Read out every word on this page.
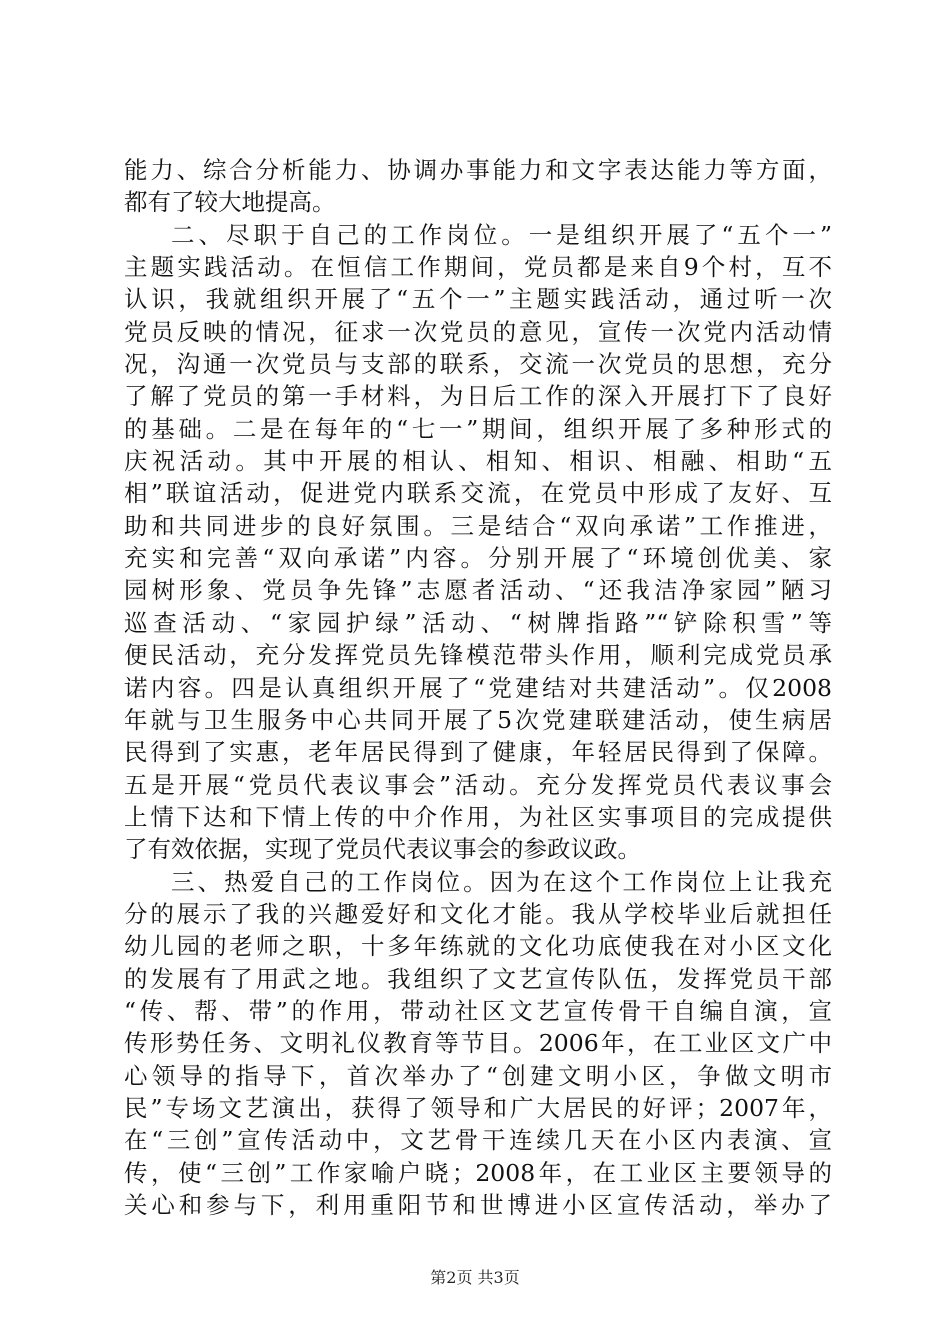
能力、综合分析能力、协调办事能力和文字表达能力等方面，
都有了较大地提高。
二、尽职于自己的工作岗位。一是组织开展了“五个一”
主题实践活动。在恒信工作期间，党员都是来自9个村，互不
认识，我就组织开展了“五个一”主题实践活动，通过听一次
党员反映的情况，征求一次党员的意见，宣传一次党内活动情
况，沟通一次党员与支部的联系，交流一次党员的思想，充分
了解了党员的第一手材料，为日后工作的深入开展打下了良好
的基础。二是在每年的“七一”期间，组织开展了多种形式的
庆祝活动。其中开展的相认、相知、相识、相融、相助“五
相”联谊活动，促进党内联系交流，在党员中形成了友好、互
助和共同进步的良好氛围。三是结合“双向承诺”工作推进，
充实和完善“双向承诺”内容。分别开展了“环境创优美、家
园树形象、党员争先锋”志愿者活动、“还我洁净家园”陋习
巡查活动、“家园护绿”活动、“树牌指路”“铲除积雪”等
便民活动，充分发挥党员先锋模范带头作用，顺利完成党员承
诺内容。四是认真组织开展了“党建结对共建活动”。仅2008
年就与卫生服务中心共同开展了5次党建联建活动，使生病居
民得到了实惠，老年居民得到了健康，年轻居民得到了保障。
五是开展“党员代表议事会”活动。充分发挥党员代表议事会
上情下达和下情上传的中介作用，为社区实事项目的完成提供
了有效依据，实现了党员代表议事会的参政议政。
三、热爱自己的工作岗位。因为在这个工作岗位上让我充
分的展示了我的兴趣爱好和文化才能。我从学校毕业后就担任
幼儿园的老师之职，十多年练就的文化功底使我在对小区文化
的发展有了用武之地。我组织了文艺宣传队伍，发挥党员干部
“传、帮、带”的作用，带动社区文艺宣传骨干自编自演，宣
传形势任务、文明礼仪教育等节目。2006年，在工业区文广中
心领导的指导下，首次举办了“创建文明小区，争做文明市
民”专场文艺演出，获得了领导和广大居民的好评；2007年，
在“三创”宣传活动中，文艺骨干连续几天在小区内表演、宣
传，使“三创”工作家喻户晓；2008年，在工业区主要领导的
关心和参与下，利用重阳节和世博进小区宣传活动，举办了
第2页 共3页
